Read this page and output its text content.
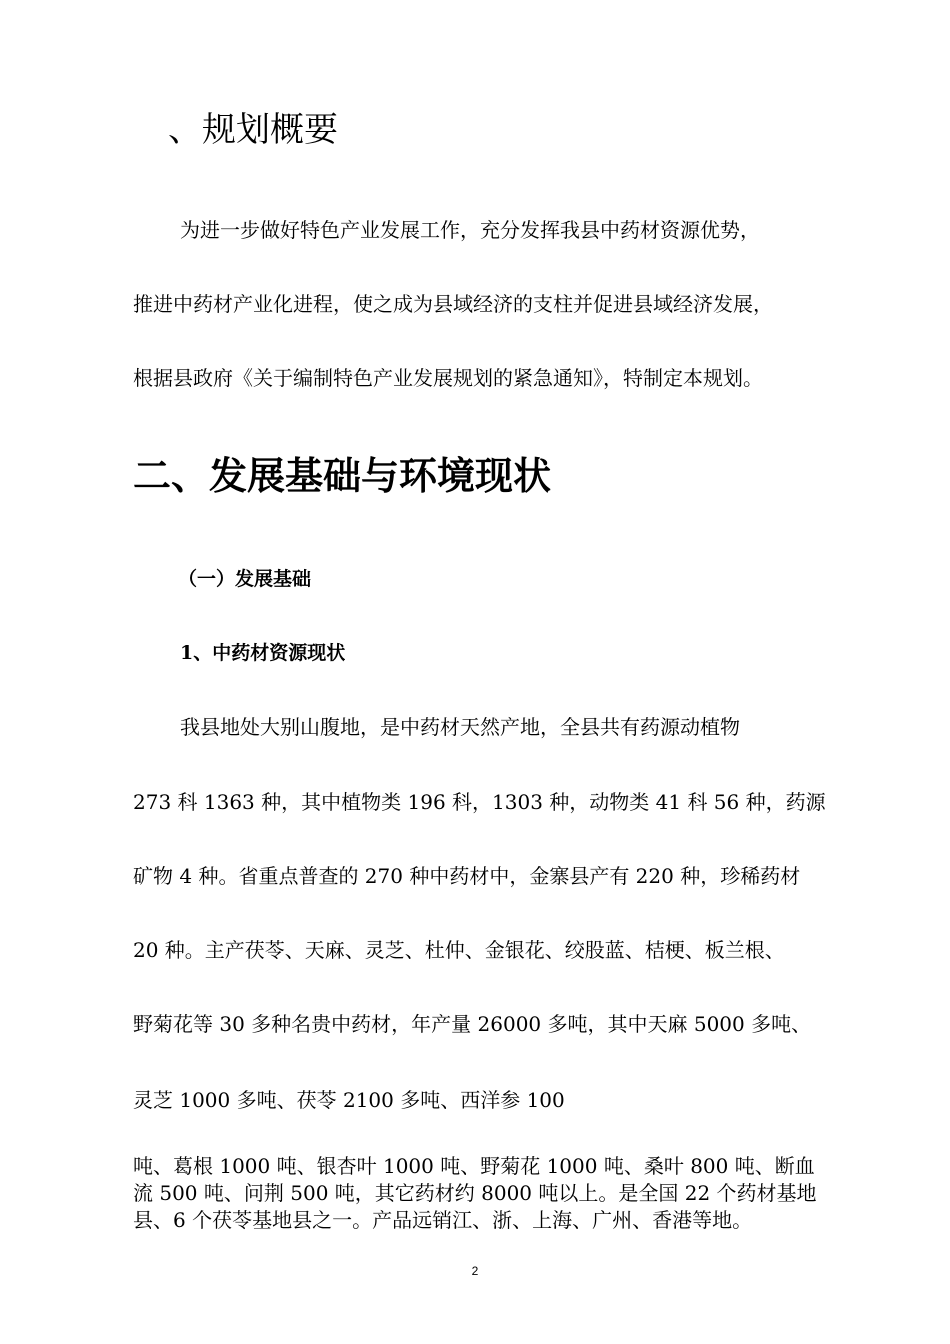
、规划概要
为进一步做好特色产业发展工作，充分发挥我县中药材资源优势，
推进中药材产业化进程，使之成为县域经济的支柱并促进县域经济发展，
根据县政府《关于编制特色产业发展规划的紧急通知》，特制定本规划。
二、发展基础与环境现状
（一）发展基础
1、中药材资源现状
我县地处大别山腹地，是中药材天然产地，全县共有药源动植物
273 科 1363 种，其中植物类 196 科，1303 种，动物类 41 科 56 种，药源
矿物 4 种。省重点普查的 270 种中药材中，金寨县产有 220 种，珍稀药材
20 种。主产茯苓、天麻、灵芝、杜仲、金银花、绞股蓝、桔梗、板兰根、
野菊花等 30 多种名贵中药材，年产量 26000 多吨，其中天麻 5000 多吨、
灵芝 1000 多吨、茯苓 2100 多吨、西洋参 100
吨、葛根 1000 吨、银杏叶 1000 吨、野菊花 1000 吨、桑叶 800 吨、断血
流 500 吨、问荆 500 吨，其它药材约 8000 吨以上。是全国 22 个药材基地
县、6 个茯苓基地县之一。产品远销江、浙、上海、广州、香港等地。
2
